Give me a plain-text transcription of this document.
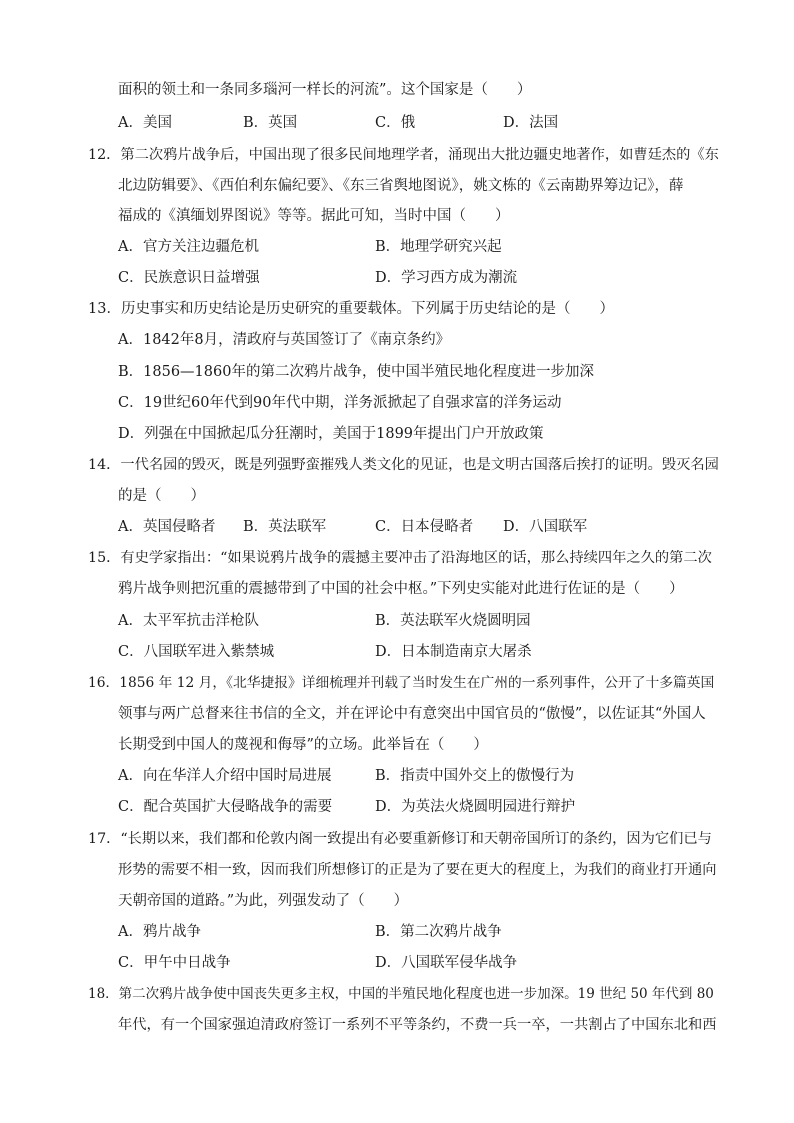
面积的领土和一条同多瑙河一样长的河流”。这个国家是（　　）
A．美国	B．英国	C．俄	D．法国
12．第二次鸦片战争后，中国出现了很多民间地理学者，涌现出大批边疆史地著作，如曹廷杰的《东
北边防辑要》、《西伯利东偏纪要》、《东三省舆地图说》，姚文栋的《云南勘界筹边记》，薛
福成的《滇缅划界图说》等等。据此可知，当时中国（　　）
A．官方关注边疆危机	B．地理学研究兴起
C．民族意识日益增强	D．学习西方成为潮流
13．历史事实和历史结论是历史研究的重要载体。下列属于历史结论的是（　　）
A．1842年8月，清政府与英国签订了《南京条约》
B．1856—1860年的第二次鸦片战争，使中国半殖民地化程度进一步加深
C．19世纪60年代到90年代中期，洋务派掀起了自强求富的洋务运动
D．列强在中国掀起瓜分狂潮时，美国于1899年提出门户开放政策
14．一代名园的毁灭，既是列强野蛮摧残人类文化的见证，也是文明古国落后挨打的证明。毁灭名园
的是（　　）
A．英国侵略者 B．英法联军	C．日本侵略者 D．八国联军
15．有史学家指出：“如果说鸦片战争的震撼主要冲击了沿海地区的话，那么持续四年之久的第二次
鸦片战争则把沉重的震撼带到了中国的社会中枢。”下列史实能对此进行佐证的是（　　）
A．太平军抗击洋枪队	B．英法联军火烧圆明园
C．八国联军进入紫禁城	D．日本制造南京大屠杀
16．1856 年 12 月，《北华捷报》详细梳理并刊载了当时发生在广州的一系列事件，公开了十多篇英国
领事与两广总督来往书信的全文，并在评论中有意突出中国官员的“傲慢”，以佐证其“外国人
长期受到中国人的蔑视和侮辱”的立场。此举旨在（　　）
A．向在华洋人介绍中国时局进展	B．指责中国外交上的傲慢行为
C．配合英国扩大侵略战争的需要	D．为英法火烧圆明园进行辩护
17．“长期以来，我们都和伦敦内阁一致提出有必要重新修订和天朝帝国所订的条约，因为它们已与
形势的需要不相一致，因而我们所想修订的正是为了要在更大的程度上，为我们的商业打开通向
天朝帝国的道路。”为此，列强发动了（　　）
A．鸦片战争	B．第二次鸦片战争
C．甲午中日战争	D．八国联军侵华战争
18．第二次鸦片战争使中国丧失更多主权，中国的半殖民地化程度也进一步加深。19 世纪 50 年代到 80
年代，有一个国家强迫清政府签订一系列不平等条约，不费一兵一卒，一共割占了中国东北和西
